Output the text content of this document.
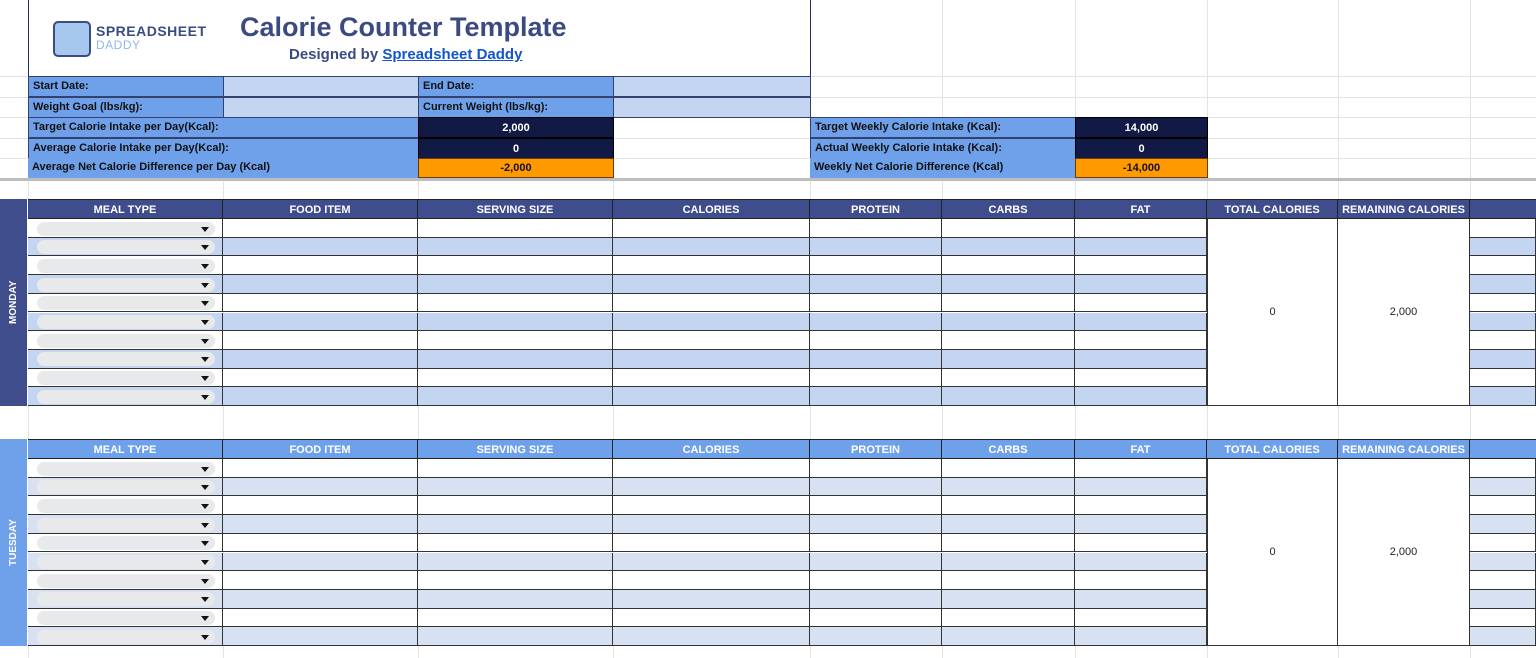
SPREADSHEET
DADDY
Calorie Counter Template
Designed by Spreadsheet Daddy
Start Date:	End Date:
Weight Goal (lbs/kg):	Current Weight (lbs/kg):
Target Calorie Intake per Day(Kcal):	2,000
Average Calorie Intake per Day(Kcal):	0
Average Net Calorie Difference per Day (Kcal)	-2,000
Target Weekly Calorie Intake (Kcal):	14,000
Actual Weekly Calorie Intake (Kcal):	0
Weekly Net Calorie Difference (Kcal)	-14,000
MONDAY
MEAL TYPE	FOOD ITEM	SERVING SIZE	CALORIES	PROTEIN	CARBS	FAT	TOTAL CALORIES	REMAINING CALORIES
0	2,000
TUESDAY
MEAL TYPE	FOOD ITEM	SERVING SIZE	CALORIES	PROTEIN	CARBS	FAT	TOTAL CALORIES	REMAINING CALORIES
0	2,000
